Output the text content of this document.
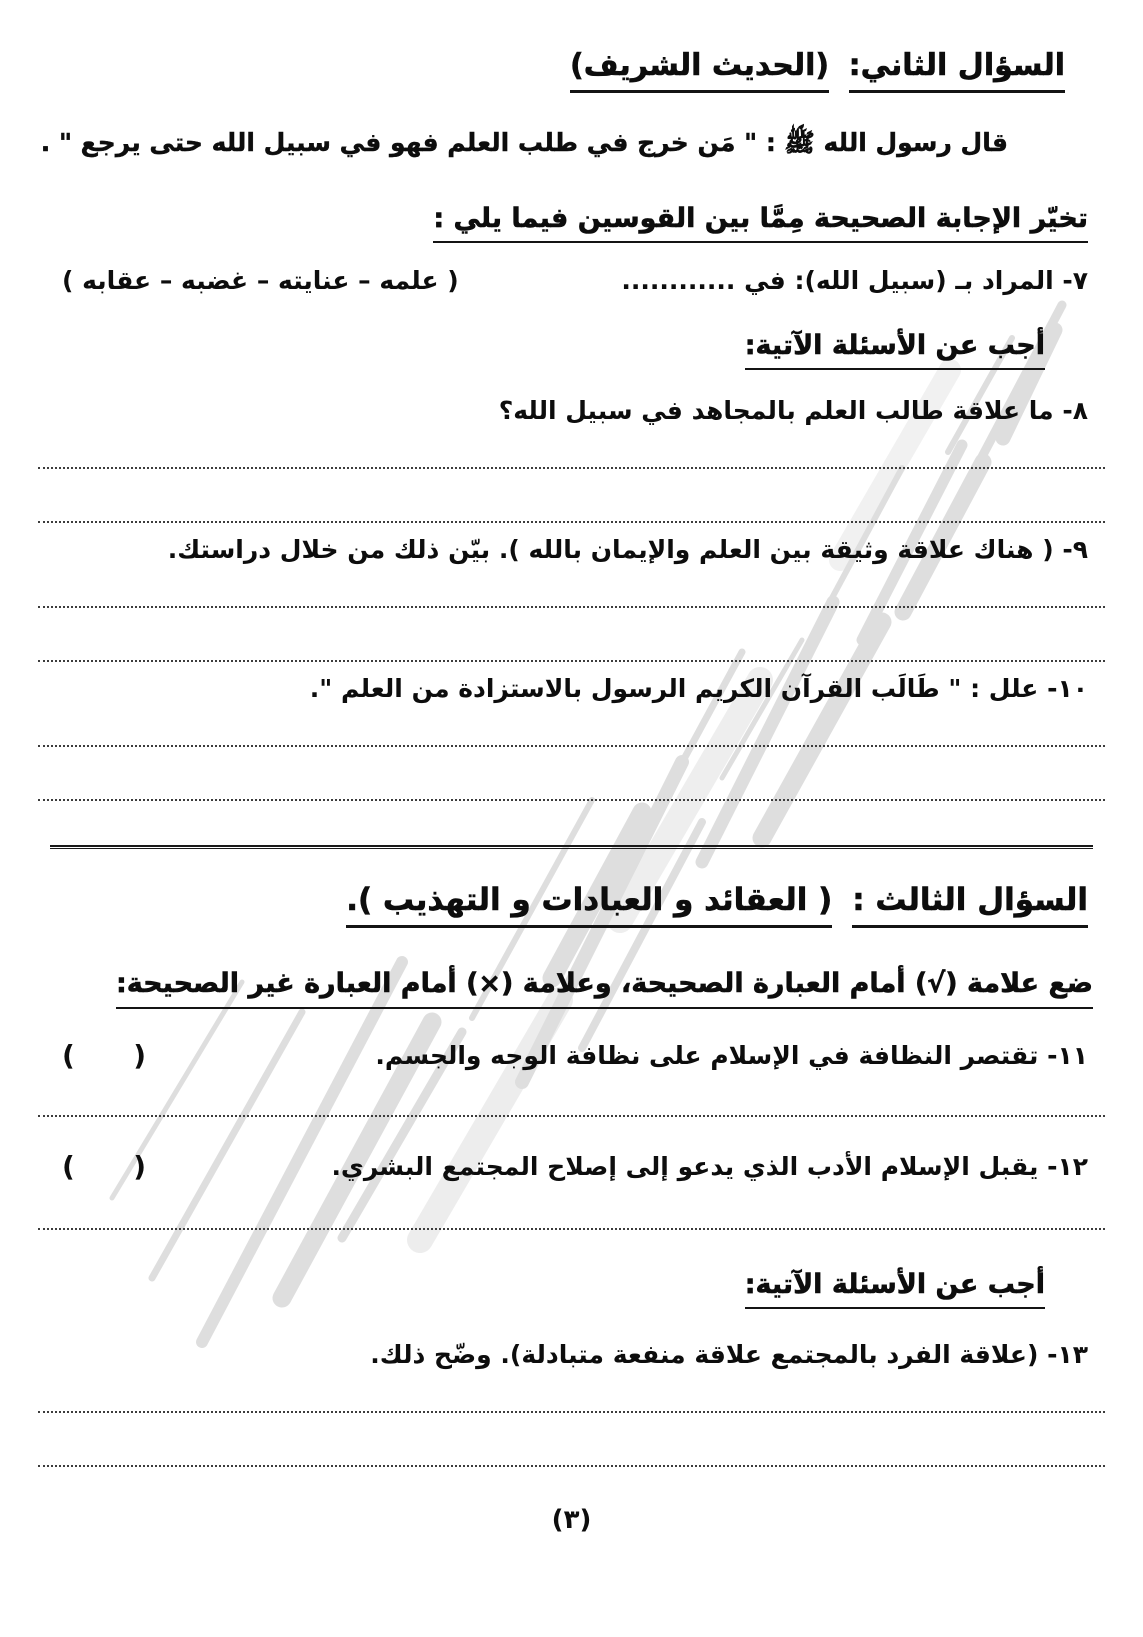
السؤال الثاني: (الحديث الشريف)
قال رسول الله ﷺ : " مَن خرج في طلب العلم فهو في سبيل الله حتى يرجع " .
تخيّر الإجابة الصحيحة مِمَّا بين القوسين فيما يلي :
٧- المراد بـ (سبيل الله): في ............
( علمه – عنايته – غضبه – عقابه )
أجب عن الأسئلة الآتية:
٨- ما علاقة طالب العلم بالمجاهد في سبيل الله؟
٩- ( هناك علاقة وثيقة بين العلم والإيمان بالله ). بيّن ذلك من خلال دراستك.
١٠- علل : " طَالَب القرآن الكريم الرسول بالاستزادة من العلم ".
السؤال الثالث : ( العقائد و العبادات و التهذيب ).
ضع علامة (√) أمام العبارة الصحيحة، وعلامة (×) أمام العبارة غير الصحيحة:
١١- تقتصر النظافة في الإسلام على نظافة الوجه والجسم.
(      )
١٢- يقبل الإسلام الأدب الذي يدعو إلى إصلاح المجتمع البشري.
(      )
أجب عن الأسئلة الآتية:
١٣- (علاقة الفرد بالمجتمع علاقة منفعة متبادلة). وضّح ذلك.
(٣)
